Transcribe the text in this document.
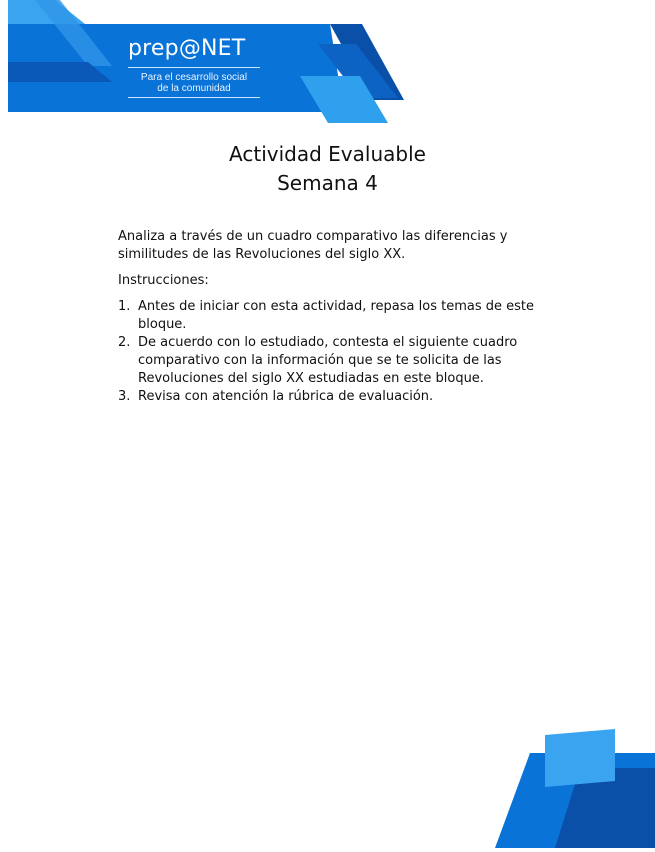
prep@NET
Para el cesarrollo social
de la comunidad
Actividad Evaluable
Semana 4

Analiza a través de un cuadro comparativo las diferencias y similitudes de las Revoluciones del siglo XX.

Instrucciones:

1. Antes de iniciar con esta actividad, repasa los temas de este bloque.
2. De acuerdo con lo estudiado, contesta el siguiente cuadro comparativo con la información que se te solicita de las Revoluciones del siglo XX estudiadas en este bloque.
3. Revisa con atención la rúbrica de evaluación.
